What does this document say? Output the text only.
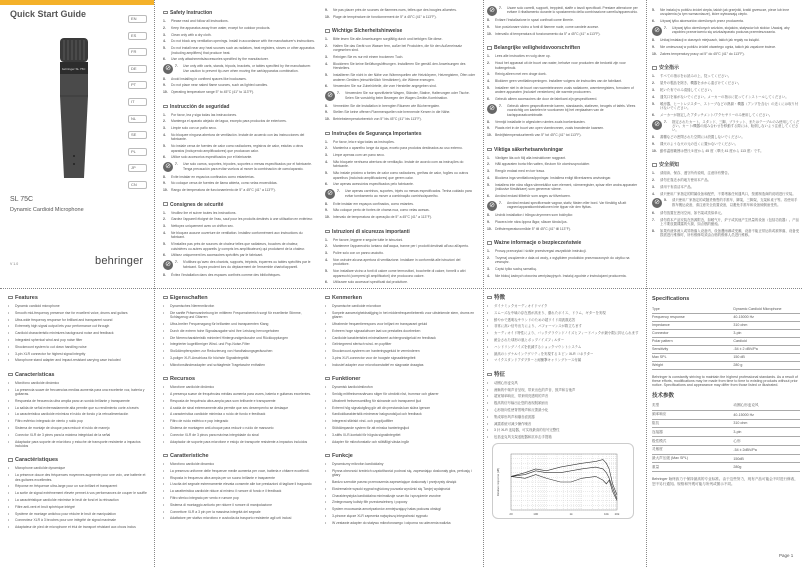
Quick Start Guide	EN
ES
FR
DE
PT
IT
NL
SE
PL
JP
CN
behringer SL 75C
SL 75C
Dynamic Cardioid Microphone
V 1.0	behringer
Safety Instruction
1.	Please read and follow all instructions.
2.	Keep the apparatus away from water, except for outdoor products.
3.	Clean only with a dry cloth.
4.	Do not block any ventilation openings. Install in accordance with the manufacturer's instructions.
5.	Do not install near any heat sources such as radiators, heat registers, stoves or other apparatus (including amplifiers) that produce heat.
6.	Use only attachments/accessories specified by the manufacturer.
⊘	7.	Use only with carts, stands, tripods, brackets, or tables specified by the manufacturer. Use caution to prevent tip-over when moving the cart/apparatus combination.
8.	Avoid installing in confined spaces like bookcases.
9.	Do not place near naked flame sources, such as lighted candles.
10. Operating temperature range 5° to 45°C (41° to 113°F).
Instrucción de seguridad
1.	Por favor, lea y siga todas las instrucciones.
2.	Mantenga el aparato alejado del agua, excepto para productos de exteriores.
3.	Limpie solo con un paño seco.
4.	No bloquee ninguna abertura de ventilación. Instale de acuerdo con las instrucciones del fabricante.
5.	No instale cerca de fuentes de calor como radiadores, registros de calor, estufas u otros aparatos (incluyendo amplificadores) que produzcan calor.
6.	Utilice solo accesorios especificados por el fabricante.
⊘	7.	Use solo carros, soportes, trípodes, soportes o mesas especificados por el fabricante. Tenga precaución para evitar vuelcos al mover la combinación de carro/aparato.
8.	Evite instalar en espacios confinados como estanterías.
9.	No coloque cerca de fuentes de llama abierta, como velas encendidas.
10. Rango de temperatura de funcionamiento de 5° a 45°C (41° a 113°F).
Consignes de sécurité
1.	Veuillez lire et suivre toutes les instructions.
2.	Gardez l'appareil éloigné de l'eau, sauf pour les produits destinés à une utilisation en extérieur.
3.	Nettoyez uniquement avec un chiffon sec.
4.	Ne bloquez aucune ouverture de ventilation. Installez conformément aux instructions du fabricant.
5.	N'installez pas près de sources de chaleur telles que radiateurs, bouches de chaleur, cuisinières ou autres appareils (y compris les amplificateurs) qui produisent de la chaleur.
6.	Utilisez uniquement les accessoires spécifiés par le fabricant.
⊘	7.	N'utilisez qu'avec des chariots, supports, trépieds, équerres ou tables spécifiés par le fabricant. Soyez prudent lors du déplacement de l'ensemble chariot/appareil.
8.	Évitez l'installation dans des espaces confinés comme des bibliothèques.
9.	Ne pas placer près de sources de flammes nues, telles que des bougies allumées.
10. Plage de température de fonctionnement de 5° à 45°C (41° à 113°F).
Wichtige Sicherheitshinweise
1.	Bitte lesen Sie alle Anweisungen sorgfältig durch und befolgen Sie diese.
2.	Halten Sie das Gerät von Wasser fern, außer bei Produkten, die für den Außeneinsatz vorgesehen sind.
3.	Reinigen Sie es nur mit einem trockenen Tuch.
4.	Blockieren Sie keine Belüftungsöffnungen. Installieren Sie gemäß den Anweisungen des Herstellers.
5.	Installieren Sie nicht in der Nähe von Wärmequellen wie Heizkörpern, Heizregistern, Öfen oder anderen Geräten (einschließlich Verstärkern), die Wärme erzeugen.
6.	Verwenden Sie nur Zubehörteile, die vom Hersteller angegeben sind.
⊘	7.	Verwenden Sie nur spezifizierte Wagen, Ständer, Stative, Halterungen oder Tische. Seien Sie vorsichtig beim Bewegen der Wagen-Geräte-Kombination.
8.	Vermeiden Sie die Installation in beengten Räumen wie Bücherregalen.
9.	Stellen Sie keine offenen Flammenquellen wie brennende Kerzen in die Nähe.
10. Betriebstemperaturbereich von 5° bis 45°C (41° bis 113°F).
Instruções de Segurança Importantes
1.	Por favor, leia e siga todas as instruções.
2.	Mantenha o aparelho longe da água, exceto para produtos destinados ao uso externo.
3.	Limpe apenas com um pano seco.
4.	Não bloqueie nenhuma abertura de ventilação. Instale de acordo com as instruções do fabricante.
5.	Não instale próximo a fontes de calor como radiadores, grelhas de calor, fogões ou outros aparelhos (incluindo amplificadores) que gerem calor.
6.	Use apenas acessórios especificados pelo fabricante.
⊘	7.	Use apenas carrinhos, suportes, tripés ou mesas especificados. Tenha cuidado para evitar tombamento ao mover a combinação carrinho/aparelho.
8.	Evite instalar em espaços confinados, como estantes.
9.	Não coloque perto de fontes de chama nua, como velas acesas.
10. Intervalo de temperatura de operação de 5° a 45°C (41° a 113°F).
Istruzioni di sicurezza importanti
1.	Per favore, leggere e seguire tutte le istruzioni.
2.	Mantenere l'apparecchio lontano dall'acqua, tranne per i prodotti destinati all'uso all'aperto.
3.	Pulire solo con un panno asciutto.
4.	Non ostruire alcuna apertura di ventilazione. Installare in conformità alle istruzioni del produttore.
5.	Non installare vicino a fonti di calore come termosifoni, bocchette di calore, fornelli o altri apparecchi (compresi gli amplificatori) che producono calore.
6.	Utilizzare solo accessori specificati dal produttore.
⊘	7.	Usare solo carrelli, supporti, treppiedi, staffe o tavoli specificati. Prestare attenzione per evitare il ribaltamento durante lo spostamento della combinazione carrello/apparecchio.
8.	Evitare l'installazione in spazi confinati come librerie.
9.	Non posizionare vicino a fonti di fiamme nude, come candele accese.
10. Intervallo di temperatura di funzionamento da 5° a 45°C (41° a 113°F).
Belangrijke veiligheidsvoorschriften
1.	Lees alle instructies en volg deze op.
2.	Houd het apparaat uit de buurt van water, behalve voor producten die bedoeld zijn voor buitengebruik.
3.	Reinig alleen met een droge doek.
4.	Blokkeer geen ventilatieopeningen. Installeer volgens de instructies van de fabrikant.
5.	Installeer niet in de buurt van warmtebronnen zoals radiatoren, warmteregisters, fornuizen of andere apparaten (inclusief versterkers) die warmte produceren.
6.	Gebruik alleen accessoires die door de fabrikant zijn gespecificeerd.
⊘	7.	Gebruik alleen gespecificeerde karren, standaards, statieven, beugels of tafels. Wees voorzichtig om kantelen te voorkomen bij het verplaatsen van de kar/apparaatcombinatie.
8.	Vermijd installatie in afgesloten ruimtes zoals boekenkasten.
9.	Plaats niet in de buurt van open vlambronnen, zoals brandende kaarsen.
10. Bedrijfstemperatuurbereik van 5° tot 45°C (41° tot 113°F).
Viktiga säkerhetsanvisningar
1.	Vänligen läs och följ alla instruktioner noggrant.
2.	Håll apparaten borta från vatten, förutom för utomhusprodukter.
3.	Rengör endast med en torr trasa.
4.	Blockera inga ventilationsöppningar. Installera enligt tillverkarens anvisningar.
5.	Installera inte nära några värmekällor som element, värmeregister, spisar eller andra apparater (inklusive förstärkare) som genererar värme.
6.	Använd endast tillbehör som anges av tillverkaren.
⊘	7.	Använd endast specificerade vagnar, stativ, fästen eller bord. Var försiktig så att vagnen/apparatkombinationen inte tippar när den flyttas.
8.	Undvik installation i trånga utrymmen som bokhyllor.
9.	Placera inte nära öppna lågor, såsom tända ljus.
10. Driftstemperaturområde 5° till 45°C (41° till 113°F).
Ważne informacje o bezpieczeństwie
1.	Proszę przeczytać i ściśle przestrzegać wszystkich instrukcji.
2.	Trzymaj urządzenie z dala od wody, z wyjątkiem produktów przeznaczonych do użytku na zewnątrz.
3.	Czyść tylko suchą szmatką.
4.	Nie blokuj żadnych otworów wentylacyjnych. Instaluj zgodnie z instrukcjami producenta.
5.	Nie instaluj w pobliżu źródeł ciepła, takich jak grzejniki, kratki grzewcze, piece lub inne urządzenia (w tym wzmacniacze), które wytwarzają ciepło.
6.	Używaj tylko akcesoriów określonych przez producenta.
⊘	7.	Używaj tylko określonych wózków, stojaków, statywów lub stołów. Uważaj, aby zapobiec przewróceniu się wózka/aparatu podczas przemieszczania.
8.	Unikaj instalacji w ciasnych miejscach, takich jak regały na książki.
9.	Nie umieszczaj w pobliżu źródeł otwartego ognia, takich jak zapalone świece.
10. Zakres temperatury pracy od 5° do 45°C (41° do 113°F).
安全指示
1.	すべての指示をお読みの上、従ってください。
2.	屋外の製品を除き、機器を水から遠ざけてください。
3.	乾いた布でのみ清掃してください。
4.	通気口を塞がないでください。メーカーの指示に従ってインストールしてください。
5.	暖房器、ヒートレジスター、ストーブなどの熱源・機器（アンプを含む）の近くには取り付けないでください。
6.	メーカーが指定したアタッチメント/アクセサリーのみ使用してください。
⊘	7.	指定されたカート、スタンド、三脚、ブラケット、またはテーブルのみ使用してください。カート/機器の組み合わせを移動する際には、転倒しないよう注意してください。
8.	書棚などの密閉された空間には設置しないでください。
9.	裸火のような火の元の近くに置かないでください。
10. 動作温度範囲は摂氏 5 度から 45 度（華氏 41 度から 113 度）です。
安全须知
1.	请阅读、保存、遵守所有说明，注意所有警告。
2.	请勿在靠近水的地方使用本产品。
3.	请用干布清洁本产品。
4.	请只使用厂家指定的附属设备和配件，不要堵塞任何通风口，按照制造商的说明进行安装。
⊘	5.	请只使用厂家指定的或随货销售的手推车，脚架，三脚架，支架和桌子等。若使用手推车搬运设备，请注意安全放置设备，以避免手推车和设备倾倒而受伤。
6.	请勿放置在密闭空间，如书架或类似单元。
7.	请勿将本产品安装在热源附近，如暖气片，炉子或其他产生热量的设备（包括功放器）。产品上不要放置裸露的火源，如点燃的蜡烛。
8.	如果有液体流入或异物落入设备内，设备遭雨淋或受潮，设备不能正常运转或被摔落，设备受损需进行维修时，所有维修均须由合格的维修人员进行维修。
Features
•	Dynamic cardioid microphone
•	Smooth mid-frequency presence rise for excellent voice, drums and guitars
•	Ultra-wide frequency response for brilliant and transparent sound
•	Extremely high signal output lets your performance cut through
•	Cardioid characteristic minimizes background noise and feedback
•	Integrated spherical wind and pop noise filter
•	Shockmount system to cut down handling noise
•	3-pin XLR connector for highest signal integrity
•	Microphone stand adapter and impact-resistant carrying case included
Características
•	Micrófono cardioide dinámico
•	La presencia suave de frecuencias medias aumenta para una excelente voz, batería y guitarras.
•	Respuesta de frecuencia ultra amplia para un sonido brillante y transparente
•	La salida de señal extremadamente alta permite que su rendimiento corte a través
•	La característica cardioide minimiza el ruido de fondo y la retroalimentación
•	Filtro esférico integrado de viento y ruido pop
•	Sistema de montaje de choque para reducir el ruido de manejo
•	Conector XLR de 3 pines para la máxima integridad de la señal
•	Adaptador para soporte de micrófono y estuche de transporte resistente a impactos incluidos
Caractéristiques
•	Microphone cardioïde dynamique
•	La présence douce des fréquences moyennes augmente pour une voix, une batterie et des guitares excellentes.
•	Réponse en fréquence ultra-large pour un son brillant et transparent
•	La sortie de signal extrêmement élevée permet à vos performances de couper le souffle
•	La caractéristique cardioïde minimise le bruit de fond et la rétroaction
•	Filtre anti-vent et bruit sphérique intégré
•	Système de montage antichoc pour réduire le bruit de manipulation
•	Connecteur XLR à 3 broches pour une intégrité de signal maximale
•	Adaptateur de pied de microphone et étui de transport résistant aux chocs inclus
Eigenschaften
•	Dynamisches Nierenmikrofon
•	Die sanfte Präsenzanhebung im mittleren Frequenzbereich sorgt für exzellente Stimme, Schlagzeug und Gitarren
•	Ultra-breiter Frequenzgang für brillanten und transparenten Klang
•	Durch die extrem hohe Signalausgabe wird Ihre Leistung hervorgehoben
•	Die Nierencharakteristik minimiert Hintergrundgeräusche und Rückkopplungen
•	Integrierter kugelförmiger Wind- und Pop-Noise-Filter
•	Stoßdämpfersystem zur Reduzierung von Handhabungsgeräuschen
•	3-poliger XLR-Anschluss für höchste Signalintegrität
•	Mikrofonständeradapter und schlagfeste Tragetasche enthalten
Recursos
•	Microfone cardioide dinâmico
•	A presença suave de frequências médias aumenta para vozes, bateria e guitarras excelentes.
•	Resposta de frequência ultra-ampla para som brilhante e transparente
•	A saída de sinal extremamente alta permite que seu desempenho se destaque
•	A característica cardioide minimiza o ruído de fundo e feedback
•	Filtro de ruído esférico e pop integrado
•	Sistema de montagem anti-choque para reduzir o ruído de manuseio
•	Conector XLR de 3 pinos para máxima integridade do sinal
•	Adaptador de suporte para microfone e estojo de transporte resistente a impactos incluídos
Caratteristiche
•	Microfono cardioide dinamico
•	La presenza uniforme delle frequenze medie aumenta per voce, batteria e chitarre eccellenti.
•	Risposta in frequenza ultra ampia per un suono brillante e trasparente
•	L'uscita del segnale estremamente elevata consente alle tue prestazioni di tagliare il traguardo
•	La caratteristica cardioide riduce al minimo il rumore di fondo e il feedback
•	Filtro sferico integrato per vento e rumore pop
•	Sistema di montaggio antiurto per ridurre il rumore di manipolazione
•	Connettore XLR a 3 pin per la massima integrità del segnale
•	Adattatore per stativo microfono e custodia da trasporto resistente agli urti inclusi
Kenmerken
•	Dynamische cardioide microfoon
•	Soepele aanwezigheidsstijging in het middenfrequentiebereik voor uitstekende stem, drums en gitaren
•	Ultrabrede frequentierespons voor briljant en transparant geluid
•	Extreem hoge signaaluitvoer laat uw prestaties doorbreken
•	Cardioide karakteristiek minimaliseert achtergrondgeluid en feedback
•	Geïntegreerd sferisch wind- en popfilter
•	Shockmount-systeem om hanteringsgeluid te verminderen
•	3-pins XLR-connector voor de hoogste signaalintegriteit
•	Inclusief adapter voor microfoonstatief en slagvaste draagtas
Funktioner
•	Dynamisk kardioidmikrofon
•	Smidig mittfrekvensnärvaro stiger för utmärkt röst, trummor och gitarrer
•	Ultrabrett frekvensomfång för skinande och transparent ljud
•	Extremt hög signalutgång gör att din prestanda kan skära igenom
•	Kardioidkarakteristik minimerar bakgrundsljud och feedback
•	Integrerat sfäriskt vind- och poppljudfilter
•	Stötdämpande system för att minska hanteringsljud
•	3-stifts XLR-kontakt för högsta signalintegritet
•	Adapter för mikrofonstativ och stöttåligt väska ingår
Funkcje
•	Dynamiczny mikrofon kardioidalny
•	Płynna obecność średnich częstotliwości podnosi się, zapewniając doskonały głos, perkusję i gitary
•	Bardzo szerokie pasmo przenoszenia zapewniające doskonały i przejrzysty dźwięk
•	Ekstremalnie wysoki sygnał wyjściowy pozwala wyróżnić się Twojej wydajności
•	Charakterystyka kardioidalna minimalizuje szum tła i sprzężenie zwrotne
•	Zintegrowany kulisty filtr przeciwwietrzny i popowy
•	System mocowania amortyzatorów zmniejszający hałas podczas obsługi
•	3-pinowe złącze XLR zapewnia najwyższą integralność sygnału
•	W zestawie adapter do statywu mikrofonowego i odporna na uderzenia walizka
特徴
•	ダイナミックカーディオイドマイク
•	スムーズな中域の存在感が高まり、優れたボイス、ドラム、ギターを実現
•	鮮やかで透明なサウンドのための超ワイド周波数応答
•	非常に高い信号出力により、パフォーマンスが際立ちます
•	カーディオイド特性により、バックグラウンドノイズとフィードバックが最小限に抑えられます
•	統合された球形の風とポップノイズフィルター
•	ハンドリングノイズを低減するショックマウントシステム
•	最高のシグナルインテグリティを実現する 3 ピン XLR コネクター
•	マイクスタンドアダプターと耐衝撃キャリングケース付属
特征
•	动圈心形麦克风
•	流畅的中频声音呈现，带来出色的声音、鼓声和吉他声
•	超宽频率响应，带来明亮透明的声音
•	极高的信号输出让您的表现脱颖而出
•	心形指向性使背景噪声和反馈最小化
•	集成球形风声和爆音滤波器
•	减震系统可减少操作噪音
•	3 针 XLR 连接器，可实现最高的信号完整性
•	包括麦克风支架适配器和抗冲击手提箱
20	100	1k	10k 20k
Relative response (dB)
Specifications
Type	Dynamic Cardioid Microphone
Frequency response	40-15000 Hz
Impedance	310 ohm
Connector	3-pin
Polar pattern	Cardioid
Sensitivity	-54 ± 2 dBV/Pa
Max SPL	150 dB
Weight	280 g
Behringer is constantly striving to maintain the highest professional standards. As a result of these efforts, modifications may be made from time to time to existing products without prior notice. Specifications and appearance may differ from those listed or illustrated.
技术参数
类型	动圈心形麦克风
频率响应	40-15000 Hz
阻抗	310 ohm
连接器	3-pin
极性模式	心形
灵敏度	-54 ± 2dBV/Pa
最大声压级 (Max SPL)	150dB
重量	280g
Behringer 始终致力于保持最高的专业标准。由于这些努力，现有产品可能会不时进行修改，恕不另行通知。规格和外观可能与所列或图示不同。
Page 1
